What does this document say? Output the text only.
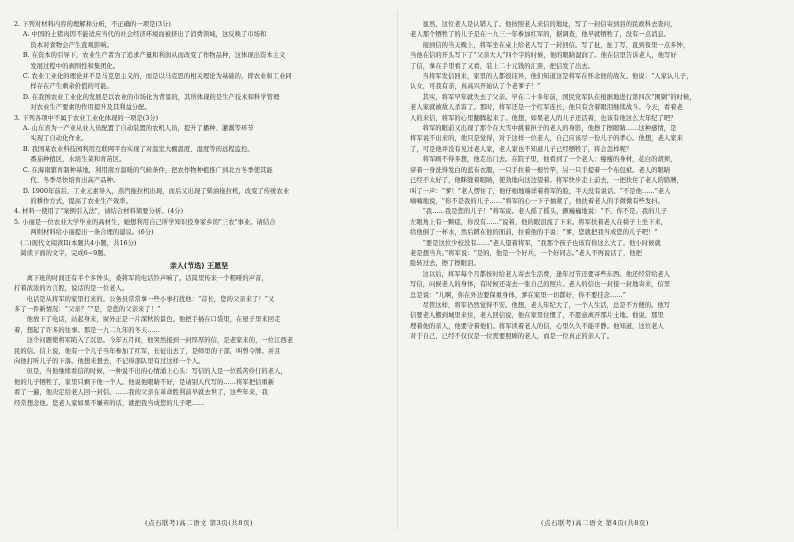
2. 下列对材料内容的理解和分析，不正确的一项是(3分)
A. 中国的土猪肉因不能适应当代的社会经济环境而被挤出了消费领域，这反映了市场和
资本对食物会产生直观影响。
B. 在资本的引导下，农业生产者为了追求产量和利润从而改变了作物品种，这体现出资本主义
发展过程中的剥削性和集团化。
C. 农业工业化的理论并不是马克思主义的，而是以马克思的相关理论为基础的，即农业和工业同
样存在产生剩余价值的可能。
D. 在我国农业工业化的发展是以农业的市场化为背景的，其所体现的是生产技术和科学管理
对农业生产要素的作用提升及其利益分配。
3. 下列各项中不属于农业工业化体现的一项是(3分)
A. 山东省为一产业从业人员配置了自动装置的农机人员，提升了播种、灌溉等环节
实现了自动化作业。
B. 我国某农业科技园利用互联网平台实现了对温室大棚温度、湿度等的远程监控。
番茄种植区，水培生菜和育苗区。
C. 在海南繁育制种基地，利用南方温暖的气候条件，把农作物种植推广到北方冬季使其能
代、冬季尽快培育出高产品种。
D. 1900年前后，工业元素导入，蒸汽拖拉机出现，而后又出现了柴油拖拉机，改变了传统农业
的耕作方式，提高了农业生产效率。
4. 材料一使用了"案例引入法"，请结合材料简要分析。(4分)
5. 小丽是一位农业大学毕业的高材生，她想利用自己所学知识投身家乡的"三农"事业。请结合
两则材料给小丽提出一条合理的建议。(6分)
(二)现代文阅读II(本题共4小题，共16分)
阅读下面的文字，完成6~9题。
亲人(节选) 王愿坚
离下班的时间还有半个多钟头，桑将军的电话铃声响了。话筒里传来一个粗哑的声音，
打着浓浓的方言腔，说话的是一位老人。
电话是从将军的家里打来的。公务员常常拿一些小事打扰他：“首长，您的父亲来了！”又
多了一件新情况：“父亲？”“是，是您的父亲来了！”
他放下了电话，站起身来，窗外正是一片深秋的景色。他把手插在口袋里，在屋子里来回走
着，想起了许多的往事。那是一九二九年的冬天……
这个问题使将军陷入了沉思。今年五月间，他突然接到一封厚厚的信，是老家来的，一位江西老
民的信。信上说，他有一个儿子当年参加了红军，长征出去了，是师里的干部，叫曾令牌。并且
向他打听儿子的下落。他想来想去，不记得部队里有过这样一个人。
但是，当他继续看信的时候，一种说不出的心情涌上心头：写信的人是一位孤苦伶仃的老人，
他的儿子牺牲了，家里只剩下他一个人。他说他眼睛不好，是请别人代写的……将军把信重新
看了一遍，他决定给老人回一封信。……我的父亲在革命胜利前早就去世了，这些年来，我
经常想念他。您老人家如果不嫌弃的话，就把我当成您的儿子吧……
(点石联考)高二语文 第3页(共8页)
显然，这位老人是认错人了。他按照老人来信的地址，写了一封信寄到县的民政科去查问，
老人那个牺牲了的儿子是在一九三一年参加红军的，据调查，他早就牺牲了，没有一点消息。
接到信的当天晚上，将军坐在桌上给老人写了一封回信。写了扯，扯了写，直到夜里一点多钟，
当他在信的开头写下了“父亲大人”四个字的时候，他的眼睛湿润了。他在信里告诉老人，他写好
了信，拿在手里看了又看，装上二十元钱的汇票，把信发了出去。
当将军发信回来，家里的人都很诧异，他们知道这是将军在怀念他的战友。他说：“人家认儿子，
认女，可我有亲，真高兴开始认了个老爹子！”
其实，将军早年就失去了父亲。早在二十多年前，国民党军队在根据地进行第四次“围剿”的时候，
老人家就被敌人杀害了。那时，将军还是一个红军连长，他只有含着眼泪继续战斗。今天，看着老
人的来信，将军的心里翻腾起来了。他想，如果老人的儿子还活着，也该有他这么大年纪了吧？
将军的眼前又出现了那个在大雪中挑着担子的老人的身影，他擦了擦眼睛……这种感情，是
将军说不出来的，他只是觉得，对于这样一位老人，自己应该尽一份儿子的孝心。他想，老人家来
了，可是他并没有见过老人家，老人家也不知道儿子已经牺牲了，将会怎样呢？
将军顾不得多想，他走出门去。在院子里，他看到了一个老人：瘦瘦的身材，花白的胡须，
穿着一身洗得发白的蓝布衣服，一只手拄着一根竹竿，另一只手提着一个布包袱。老人的眼睛
已经不太好了，他眯缝着眼睛，使劲地向这边望着。将军快步走上前去，一把扶住了老人的胳膊，
叫了一声：“爹！”老人愣住了，他仔细地端详着将军的脸，半天没有说话。“不是他……”老人
喃喃地说，“你不是我的儿子……”将军的心一下子抽紧了，他扶着老人的手微微有些发抖。
“我……我是您的儿子！”将军说。老人摇了摇头，颤巍巍地说：“不，你不是。我的儿子
左眼角上有一颗痣，你没有……”说着，他的眼泪流了下来。将军扶着老人在椅子上坐下来，
给他倒了一杯水，然后蹲在他的面前，拉着他的手说：“爹，您就把我当成您的儿子吧！”
“要是这位少校没有……”老人望着将军，“我那个孩子也该有你这么大了。他小时候就
老是想当兵。”将军说：“是的，他是一个好兵，一个好同志。”老人不再说话了，他把
脸转过去，擦了擦眼泪。
这以后，将军每个月都按时给老人寄去生活费，逢年过节还要寄些东西。他还经常给老人
写信，问候老人的身体，有时候还寄去一张自己的照片。老人的信也一封接一封地寄来，信里
总是说：“儿啊，你在外边要保重身体，爹在家里一切都好，你不要挂念……”
尽管这样，将军仍然觉得不安。他想，老人年纪大了，一个人生活，总是不方便的。他写
信要老人搬到城里来住，老人回信说，他在家里住惯了，不愿意离开那片土地。他说，那里
埋着他的亲人，他要守着他们。将军读着老人的信，心里久久不能平静。他知道，这位老人
对于自己，已经不仅仅是一位需要照顾的老人，而是一位真正的亲人了。
(点石联考)高二语文 第4页(共8页)
